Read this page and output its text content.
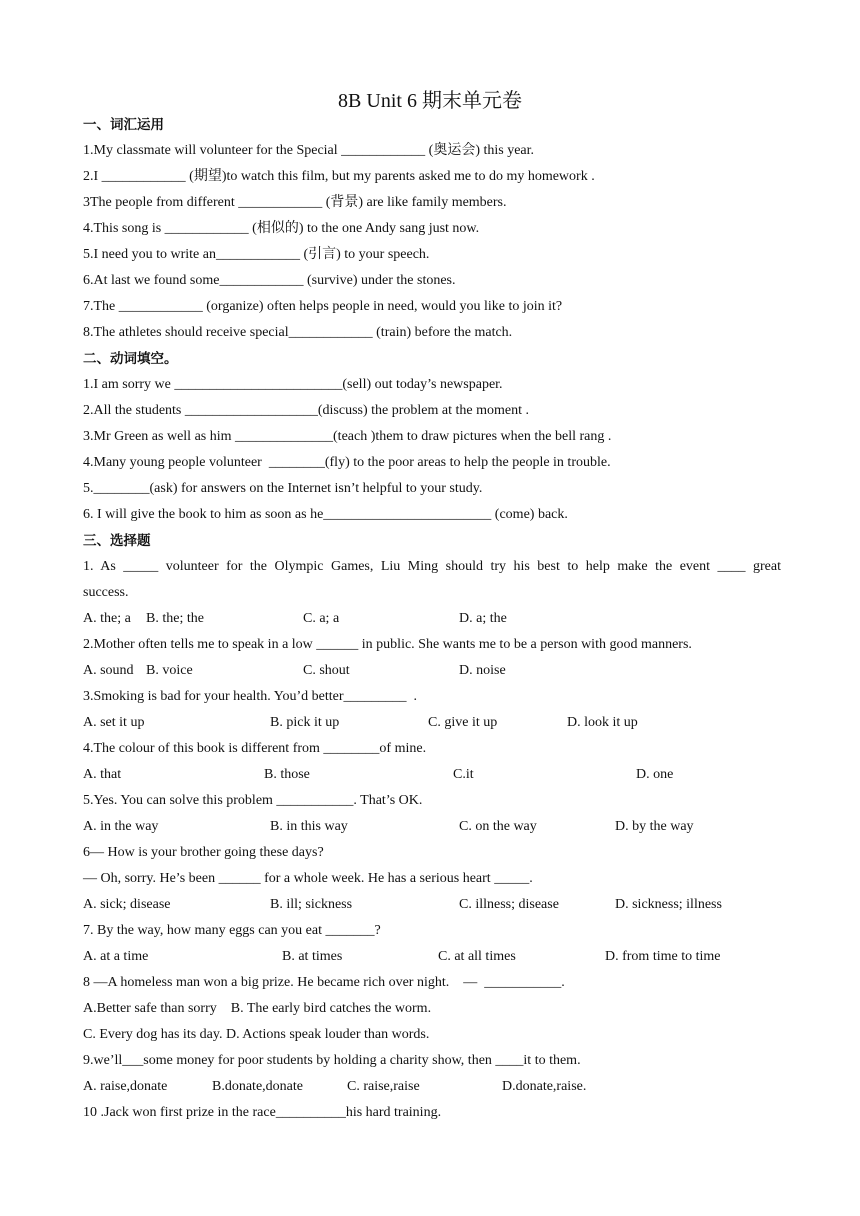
8B Unit 6 期末单元卷
一、词汇运用
1.My classmate will volunteer for the Special ____________ (奥运会) this year.
2.I ____________ (期望)to watch this film, but my parents asked me to do my homework .
3The people from different ____________ (背景) are like family members.
4.This song is ____________ (相似的) to the one Andy sang just now.
5.I need you to write an____________ (引言) to your speech.
6.At last we found some____________ (survive) under the stones.
7.The ____________ (organize) often helps people in need, would you like to join it?
8.The athletes should receive special____________ (train) before the match.
二、动词填空。
1.I am sorry we ________________________(sell) out today’s newspaper.
2.All the students ___________________(discuss) the problem at the moment .
3.Mr Green as well as him ______________(teach )them to draw pictures when the bell rang .
4.Many young people volunteer  ________(fly) to the poor areas to help the people in trouble.
5.________(ask) for answers on the Internet isn’t helpful to your study.
6. I will give the book to him as soon as he________________________ (come) back.
三、选择题
1. As _____ volunteer for the Olympic Games, Liu Ming should try his best to help make the event ____ great
success.
A. the; a B. the; the	C. a; a	D. a; the
2.Mother often tells me to speak in a low ______ in public. She wants me to be a person with good manners.
A. sound B. voice	C. shout	D. noise
3.Smoking is bad for your health. You’d better_________  .
A. set it up	B. pick it up	C. give it up	D. look it up
4.The colour of this book is different from ________of mine.
A. that	B. those	C.it	D. one
5.Yes. You can solve this problem ___________. That’s OK.
A. in the way	B. in this way	C. on the way	D. by the way
6— How is your brother going these days?
— Oh, sorry. He’s been ______ for a whole week. He has a serious heart _____.
A. sick; disease	B. ill; sickness	C. illness; disease	D. sickness; illness
7. By the way, how many eggs can you eat _______?
A. at a time	B. at times	C. at all times	D. from time to time
8 —A homeless man won a big prize. He became rich over night.    —  ___________.
A.Better safe than sorry    B. The early bird catches the worm.
C. Every dog has its day. D. Actions speak louder than words.
9.we’ll___some money for poor students by holding a charity show, then ____it to them.
A. raise,donate	B.donate,donate	C. raise,raise	D.donate,raise.
10 .Jack won first prize in the race__________his hard training.
